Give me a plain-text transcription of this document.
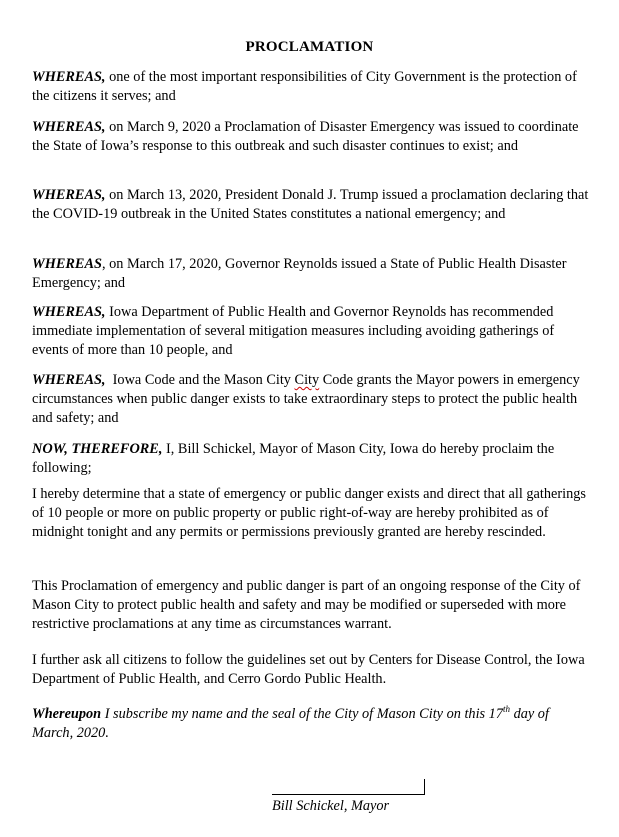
PROCLAMATION

WHEREAS, one of the most important responsibilities of City Government is the protection of the citizens it serves; and

WHEREAS, on March 9, 2020 a Proclamation of Disaster Emergency was issued to coordinate the State of Iowa’s response to this outbreak and such disaster continues to exist; and

WHEREAS, on March 13, 2020, President Donald J. Trump issued a proclamation declaring that the COVID-19 outbreak in the United States constitutes a national emergency; and

WHEREAS, on March 17, 2020, Governor Reynolds issued a State of Public Health Disaster Emergency; and

WHEREAS, Iowa Department of Public Health and Governor Reynolds has recommended immediate implementation of several mitigation measures including avoiding gatherings of events of more than 10 people, and

WHEREAS,  Iowa Code and the Mason City City Code grants the Mayor powers in emergency circumstances when public danger exists to take extraordinary steps to protect the public health and safety; and

NOW, THEREFORE, I, Bill Schickel, Mayor of Mason City, Iowa do hereby proclaim the following;

I hereby determine that a state of emergency or public danger exists and direct that all gatherings of 10 people or more on public property or public right-of-way are hereby prohibited as of midnight tonight and any permits or permissions previously granted are hereby rescinded.

This Proclamation of emergency and public danger is part of an ongoing response of the City of Mason City to protect public health and safety and may be modified or superseded with more restrictive proclamations at any time as circumstances warrant.

I further ask all citizens to follow the guidelines set out by Centers for Disease Control, the Iowa Department of Public Health, and Cerro Gordo Public Health.

Whereupon I subscribe my name and the seal of the City of Mason City on this 17th day of March, 2020.

Bill Schickel, Mayor
